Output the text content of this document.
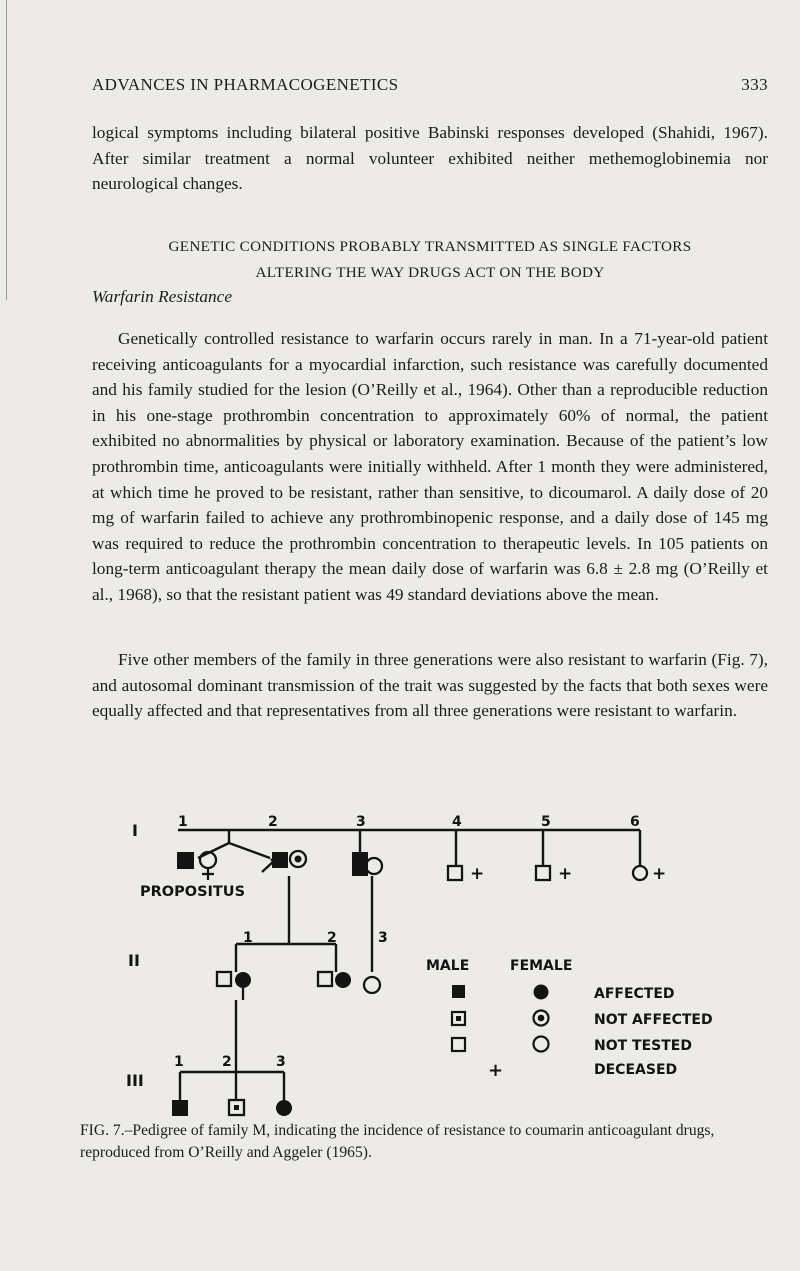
ADVANCES IN PHARMACOGENETICS	333

logical symptoms including bilateral positive Babinski responses developed (Shahidi, 1967). After similar treatment a normal volunteer exhibited neither methemoglobinemia nor neurological changes.

GENETIC CONDITIONS PROBABLY TRANSMITTED AS SINGLE FACTORS
ALTERING THE WAY DRUGS ACT ON THE BODY
Warfarin Resistance

Genetically controlled resistance to warfarin occurs rarely in man. In a 71-year-old patient receiving anticoagulants for a myocardial infarction, such resistance was carefully documented and his family studied for the lesion (O’Reilly et al., 1964). Other than a reproducible reduction in his one-stage prothrombin concentration to approximately 60% of normal, the patient exhibited no abnormalities by physical or laboratory examination. Because of the patient’s low prothrombin time, anticoagulants were initially withheld. After 1 month they were administered, at which time he proved to be resistant, rather than sensitive, to dicoumarol. A daily dose of 20 mg of warfarin failed to achieve any prothrombinopenic response, and a daily dose of 145 mg was required to reduce the prothrombin concentration to therapeutic levels. In 105 patients on long-term anticoagulant therapy the mean daily dose of warfarin was 6.8 ± 2.8 mg (O’Reilly et al., 1968), so that the resistant patient was 49 standard deviations above the mean.

Five other members of the family in three generations were also resistant to warfarin (Fig. 7), and autosomal dominant transmission of the trait was suggested by the facts that both sexes were equally affected and that representatives from all three generations were resistant to warfarin.

+	+	+
I
II
III
1	2	3	4	5	6
1	2	3
1	2	3
PROPOSITUS
MALE	FEMALE
AFFECTED
NOT AFFECTED
NOT TESTED
+	DECEASED
FIG. 7.–Pedigree of family M, indicating the incidence of resistance to coumarin anticoagulant drugs, reproduced from O’Reilly and Aggeler (1965).
